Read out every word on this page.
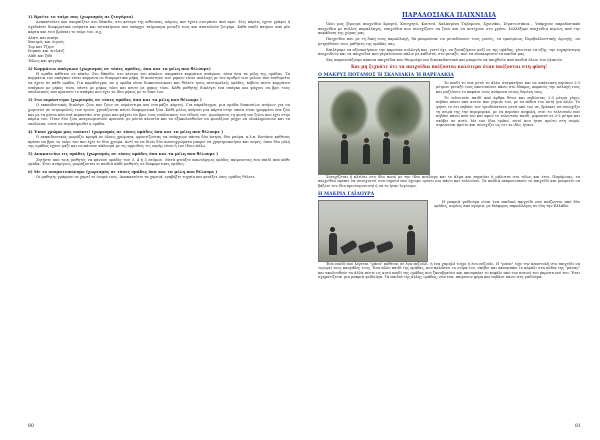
1) Βρείτε το ταίρι σας (χωρισμός σε ζευγάρια)

Ανακατεύετε και σκορπίζετε στο δάπεδο, στο κέντρο της αίθουσας, κάρτες που έχετε ετοιμάσει από πριν. Στις κάρτες έχετε γράψει ή σχεδιάσει διαφορετικά ονόματα και αντικείμενα που υπάρχει ταίριασμα μεταξύ τους και αποτελούν ζευγάρι. Κάθε παιδί παίρνει από μία κάρτα και έτσι βρίσκει το ταίρι του. π.χ.

Αλάτι και πιπέρι
Χαντρός και Λιγνός
Τομ και Τζέρυ
Ρομπέν και Λιτλάτζ
Λάδι και ξύδι
Ήλιος και φεγγάρι
2) Κομμάτια σπάγκων (χωρισμός σε τόσες ομάδες, όσα και τα μέλη που θέλουμε)

Η ομάδα κάθεται σε κύκλο. Στο δάπεδο, στο κέντρο του κύκλου, σκορπάτε κομμάτια σπάγκου, τόσα όσα τα μέλη της ομάδας. Τα κομμάτια του σπάγκου είναι κομμένα σε διαφορετικά μήκη. Η ποσότητα των μηκών είναι ανάλογη με τον αριθμό των μελών που επιθυμείτε να έχετε σε κάθε ομάδα. Για παράδειγμα, αν η ομάδα είναι διακοσιοεικοσι και θέλετε τρεις πενταμελείς ομάδες, κόβετε πέντε κομμάτια σπάγκου με μήκος τόσο, πέντε με μήκος τόσο και πέντε με μήκος τόσο. Κάθε μαθητής διαλέγει ένα σπάγκο και ψάχνει να βρει τους υπόλοιπους που κρατούν το σπάγκο που έχει το ίδιο μήκος με το δικό του.

3) Στο ουράνιτιμα (χωρισμός σε τόσες ομάδες όσα και τα μέλη που θέλουμε )

Ο εκπαιδευτικός διαλέγει ζώα που ζουν σε ουράνιτιμα και ετοιμάζει κάρτες. Για παράδειγμα, μια ομάδα διακοσίων ατόμων για να χωριστεί σε τετραμελείς των τριών, χρειάζονται πέντε διαφορετικά ζώα. Κάθε μέλος παίρνει μια κάρτα στην οποία είναι γραμμένο ένα ζώο και με τα μάτια κλειστά περπατάει στο χώρο και ψάχνει να βρει τους υπόλοιπους του είδους του, μιμούμενος τη φωνή του ζώου που έχει στην κάρτα του. Όταν δύο ζώα αναγνωριστούν κρατούν με μάτια κλειστά και τα εξακολουθούνε να φωνάζουν μέχρι να ολοκληρώσουν και τα υπόλοιπα, ώστε να συμπληρωθεί η ομάδα.

4) Έναν χρώμα μας ενώνει! (χωρισμός σε τόσες ομάδες όσα και τα μέλη που θέλουμε )

Ο εκπαιδευτικός μοιράζει κρυφά σε όλους χρώματα, φροντίζοντας να υπάρχουν πάντα δύο άστρα, δύο μαύρα, κ.λ.π. Κατόπιν καθένας πρέπει να βρει το ταίρι του που έχει το ίδιο χρώμα. Αντί τα να δίνει δύο ασυνοχρώματα μπορεί να χρησιμοποιήσει και οσμές, όπου δύο μέλη της ομάδας έχουν μαζί και να κάνουν κάλεσμα με τις αρμυδιές τις οσμής είναι ή του ίδιου άλλο.

5) Ανακατεύω τις ομάδες (χωρισμός σε τόσες ομάδες όσα και τα μέλη που θέλουμε )

Ζητήστε από τους μαθητές να κάνουν ομάδες των 3, 4 ή 5 ατόμων. Μετά φτιάξτε καινούργιες ομάδες παίρνοντας ένα παιδί από κάθε ομάδα. Έτσι αναμίγνυς μοιράζονται οι παιδιά κάθε μαθητές σε διαφορετικές ομάδες.

6) Με το ονοματεπώνυμο (χωρισμός σε τόσες ομάδες όσα και τα μέλη που θέλουμε )

Οι μαθητές γράφουν σε χαρτί το όνομά τους. Ανακατεύετε τα χαρτιά, τραβήξτε τυχαία και φτιάξτε όσες ομάδες θέλετε.

ΠΑΡΑΔΟΣΙΑΚΑ ΠΑΙΧΝΙΔΙΑ

Όλοι μας ξέρουμε παιχνίδια Κρυφτό, Κυνηγητό, Κουτσό, Χαλασμένο Τηλέφωνο, Σχοινάκι, Στρατιωτάκια… Υπάρχουν παραδοσιακά παιχνίδια με πολλές παραλλαγές, παιχνίδια που συνεχίζουν να ζουν και να αντέχουν στο χρόνο. Συλλέξαμε παιχνίδια κυρίως από την παράδοση της χώρας μας.

Παιχνίδια που με τη δική τους παραλλαγή, θα μπορούσαν να μεταδώσουν τους γονείς, τα εμπειρίους Περιβαλλοντικής Αγωγής, να μετρηθούνε τους μαθητές της ομάδας σας.

Επιλέγαμε να αξιοποιήσουν την παρούσα συλλογή και, γιατί όχι, να ξαναζήσετε μαζί σε της ομάδας, γίνονται τα εξής, την ευχαρίστηση παιχνιδιών και τα παιχνίδια που μεγαλώνουν πάλιν με καθιστά, στο μεταξύ, πού να επισκεφτούν τα παιδιά μας.

Σας παρουσιάζουμε κάποια παιχνίδια που θεωρούμε πιο διασκεδαστικά και μπορούν να παιχθούν από παιδιά όλων των ηλικιών.

Και μη ξεχνάτε ότι τα παιχνίδια παίζονται καλύτερα όταν παίζονται στη φύση!
Ο ΜΑΚΡΥΣ ΠΟΤΑΜΟΣ Ή ΣΚΑΝΙΑΚΙΑ Ή ΒΑΡΕΛΑΚΙΑ

Το παιδί το ένα μετά το άλλο σταματήσει και σε απόσταση περίπου 2-3 μέτρων μεταξύ τους αποτυπώνει πάνω στο έδαφος, καρπούς την αλλαγή τους και μαζεύουν το καφάσι τους ανάμεσα στους δεμένη τους.

Το τελευταίο παιδί από άρθρα θέτει και πηδώντας 2-3 μέτρα γύρω, πηδάει πάνω από αυτόν που γέμισε τον, με τα πόδια του αυτή για άλλο. Το ψήνει το ότι πηδάει τον τρισδιάστατο μετά από τον σε, βρίσκει να συνεχίζει τη σειρά της την περιφερικό, με να περνάει ασφαλή, έτσι το τελευταίο που πηδάει πάνω από τον και αφού το τελευταίο παιδί, μπροστά σε 2-3 μέτρα και σκύβει σε αυτό. Με τον ίδιο τρόπο, αυτό που ήταν πρώτο στη σειρά, σηκώνεται πρώτο και συνεχίζει ως ότι το ιδίο, ήτανε.

Συνεχίζεται ή κλείνει στο ίδιο ποσό με την ίδια ανάλογα και το άλμα και πηγαίνει ή μάλιστα στο τέλος και έτσι. Παρόμοιας, τα παιχνίδια πρέπει να συνεχιστεί στα σημεία που έχουμε ορίσει πιο πάνω και τελειώνει. Τα παιδιά εκπροσωπούν το παιχνίδι και μπορείτε να βάζετε τον ίδιο πρωταγωνιστή ή να το ήταν λιγότερο.

Η ΜΑΚΡΙΑ ΓΑΪΔΟΥΡΑ

Η μακριά γαϊδούρα είναι ένα παιδικό παιχνίδι που παίζονται από δύο ομάδες, κυρίως από αγόρια, με διάφορες παραλλαγές σε όλη την Ελλάδα.

Ένα παιδί που λέγεται "μάνα" κάθεται σε ένα πεζούλι, ή ένα χαμηλό τοίχο ή ένα πεζούλι. Η "μάνα" είχε την αποστολή στο παιχνίδι να τιμωρεί τους καυγάδες τους. Ένα άλλο παιδί της ομάδας, που καλύπτει το σώμα του, σκύβει και ακουμπάει το κεφάλι στα πόδια της "μάνας" και ακολουθούν τα άλλα πέντε ως αυτό παιδί της ομάδας που ξαναβγαίνει και ακουμπάει το κεφάλι από τον πισινό του μπροστινού του. Έτσι σχηματίζεται μια μακριά γαϊδούρα. Τα παιδιά της άλλης ομάδας, ένα-ένα, παίρνουν φόρα και πηδάνε πάνω στη γαϊδούρα.

80	81
